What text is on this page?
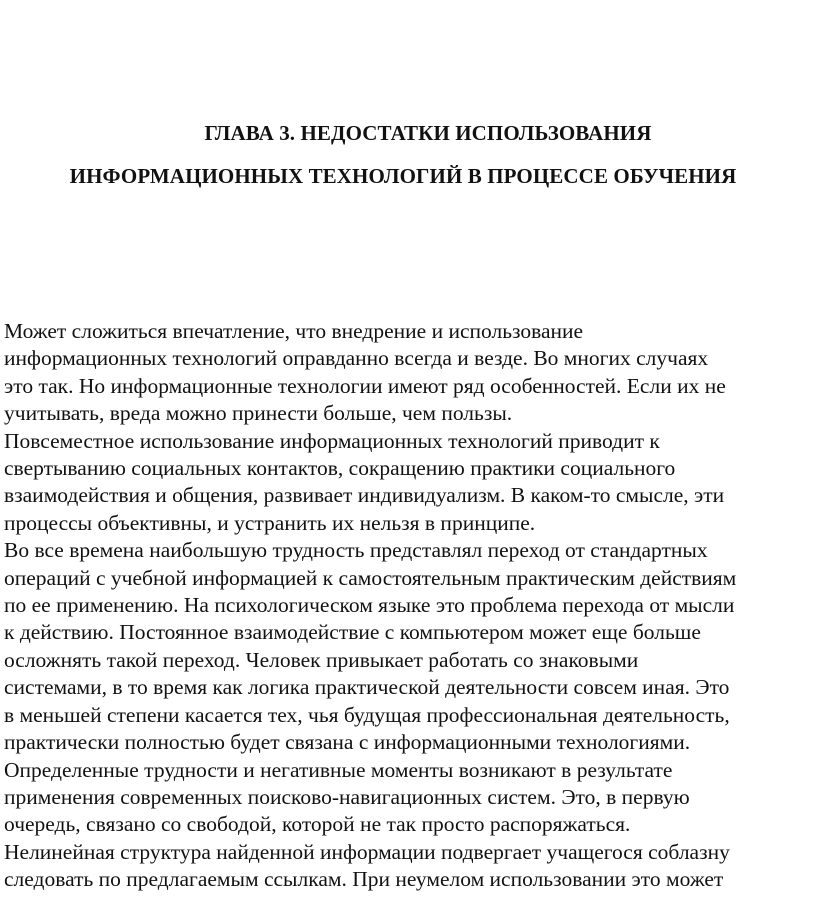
ГЛАВА 3. НЕДОСТАТКИ ИСПОЛЬЗОВАНИЯ
ИНФОРМАЦИОННЫХ ТЕХНОЛОГИЙ В ПРОЦЕССЕ ОБУЧЕНИЯ
Может сложиться впечатление, что внедрение и использование
информационных технологий оправданно всегда и везде. Во многих случаях
это так. Но информационные технологии имеют ряд особенностей. Если их не
учитывать, вреда можно принести больше, чем пользы.
Повсеместное использование информационных технологий приводит к
свертыванию социальных контактов, сокращению практики социального
взаимодействия и общения, развивает индивидуализм. В каком-то смысле, эти
процессы объективны, и устранить их нельзя в принципе.
Во все времена наибольшую трудность представлял переход от стандартных
операций с учебной информацией к самостоятельным практическим действиям
по ее применению. На психологическом языке это проблема перехода от мысли
к действию. Постоянное взаимодействие с компьютером может еще больше
осложнять такой переход. Человек привыкает работать со знаковыми
системами, в то время как логика практической деятельности совсем иная. Это
в меньшей степени касается тех, чья будущая профессиональная деятельность,
практически полностью будет связана с информационными технологиями.
Определенные трудности и негативные моменты возникают в результате
применения современных поисково-навигационных систем. Это, в первую
очередь, связано со свободой, которой не так просто распоряжаться.
Нелинейная структура найденной информации подвергает учащегося соблазну
следовать по предлагаемым ссылкам. При неумелом использовании это может
